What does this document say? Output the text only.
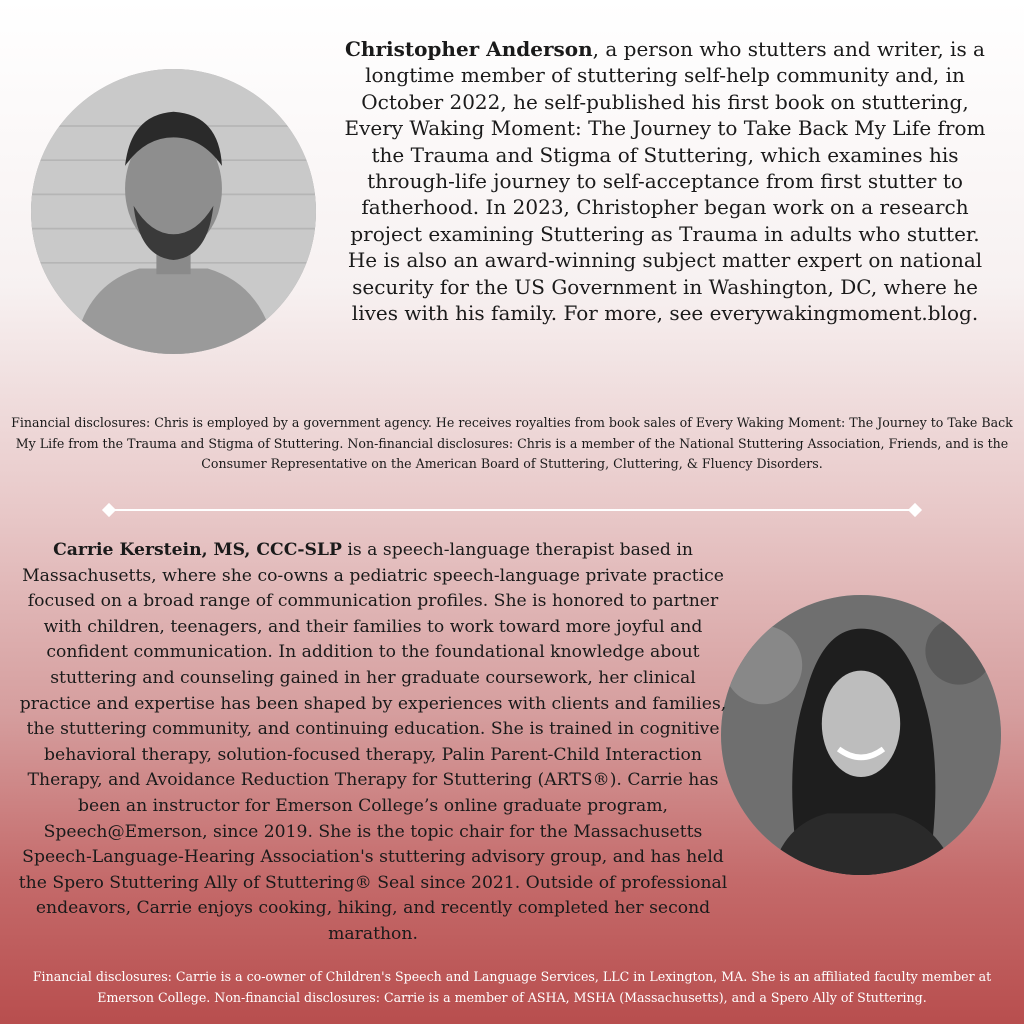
Christopher Anderson, a person who stutters and writer, is a longtime member of stuttering self-help community and, in October 2022, he self-published his first book on stuttering, Every Waking Moment: The Journey to Take Back My Life from the Trauma and Stigma of Stuttering, which examines his through-life journey to self-acceptance from first stutter to fatherhood. In 2023, Christopher began work on a research project examining Stuttering as Trauma in adults who stutter. He is also an award-winning subject matter expert on national security for the US Government in Washington, DC, where he lives with his family. For more, see everywakingmoment.blog.
Financial disclosures: Chris is employed by a government agency. He receives royalties from book sales of Every Waking Moment: The Journey to Take Back My Life from the Trauma and Stigma of Stuttering. Non-financial disclosures: Chris is a member of the National Stuttering Association, Friends, and is the Consumer Representative on the American Board of Stuttering, Cluttering, & Fluency Disorders.
Carrie Kerstein, MS, CCC-SLP is a speech-language therapist based in Massachusetts, where she co-owns a pediatric speech-language private practice focused on a broad range of communication profiles. She is honored to partner with children, teenagers, and their families to work toward more joyful and confident communication. In addition to the foundational knowledge about stuttering and counseling gained in her graduate coursework, her clinical practice and expertise has been shaped by experiences with clients and families, the stuttering community, and continuing education. She is trained in cognitive behavioral therapy, solution-focused therapy, Palin Parent-Child Interaction Therapy, and Avoidance Reduction Therapy for Stuttering (ARTS®). Carrie has been an instructor for Emerson College’s online graduate program, Speech@Emerson, since 2019. She is the topic chair for the Massachusetts Speech-Language-Hearing Association's stuttering advisory group, and has held the Spero Stuttering Ally of Stuttering® Seal since 2021. Outside of professional endeavors, Carrie enjoys cooking, hiking, and recently completed her second marathon.
Financial disclosures: Carrie is a co-owner of Children's Speech and Language Services, LLC in Lexington, MA. She is an affiliated faculty member at Emerson College. Non-financial disclosures: Carrie is a member of ASHA, MSHA (Massachusetts), and a Spero Ally of Stuttering.
